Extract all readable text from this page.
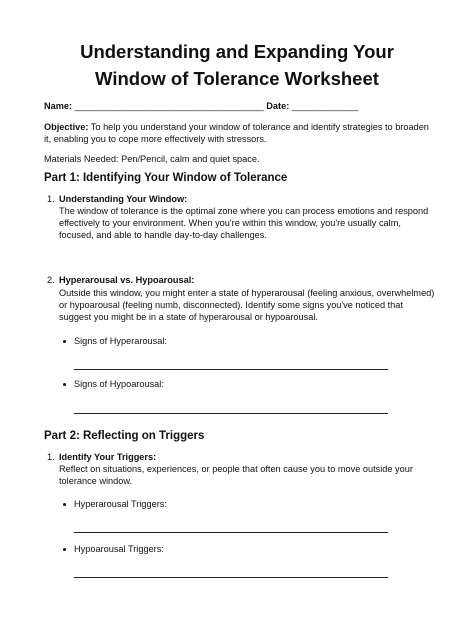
Understanding and Expanding Your
Window of Tolerance Worksheet
Name: _____________________________________ Date: _____________
Objective: To help you understand your window of tolerance and identify strategies to broaden
it, enabling you to cope more effectively with stressors.
Materials Needed: Pen/Pencil, calm and quiet space.
Part 1: Identifying Your Window of Tolerance
1. Understanding Your Window:
The window of tolerance is the optimal zone where you can process emotions and respond
effectively to your environment. When you're within this window, you're usually calm,
focused, and able to handle day-to-day challenges.
2. Hyperarousal vs. Hypoarousal:
Outside this window, you might enter a state of hyperarousal (feeling anxious, overwhelmed)
or hypoarousal (feeling numb, disconnected). Identify some signs you've noticed that
suggest you might be in a state of hyperarousal or hypoarousal.
Signs of Hyperarousal:
Signs of Hypoarousal:
Part 2: Reflecting on Triggers
1. Identify Your Triggers:
Reflect on situations, experiences, or people that often cause you to move outside your
tolerance window.
Hyperarousal Triggers:
Hypoarousal Triggers:
